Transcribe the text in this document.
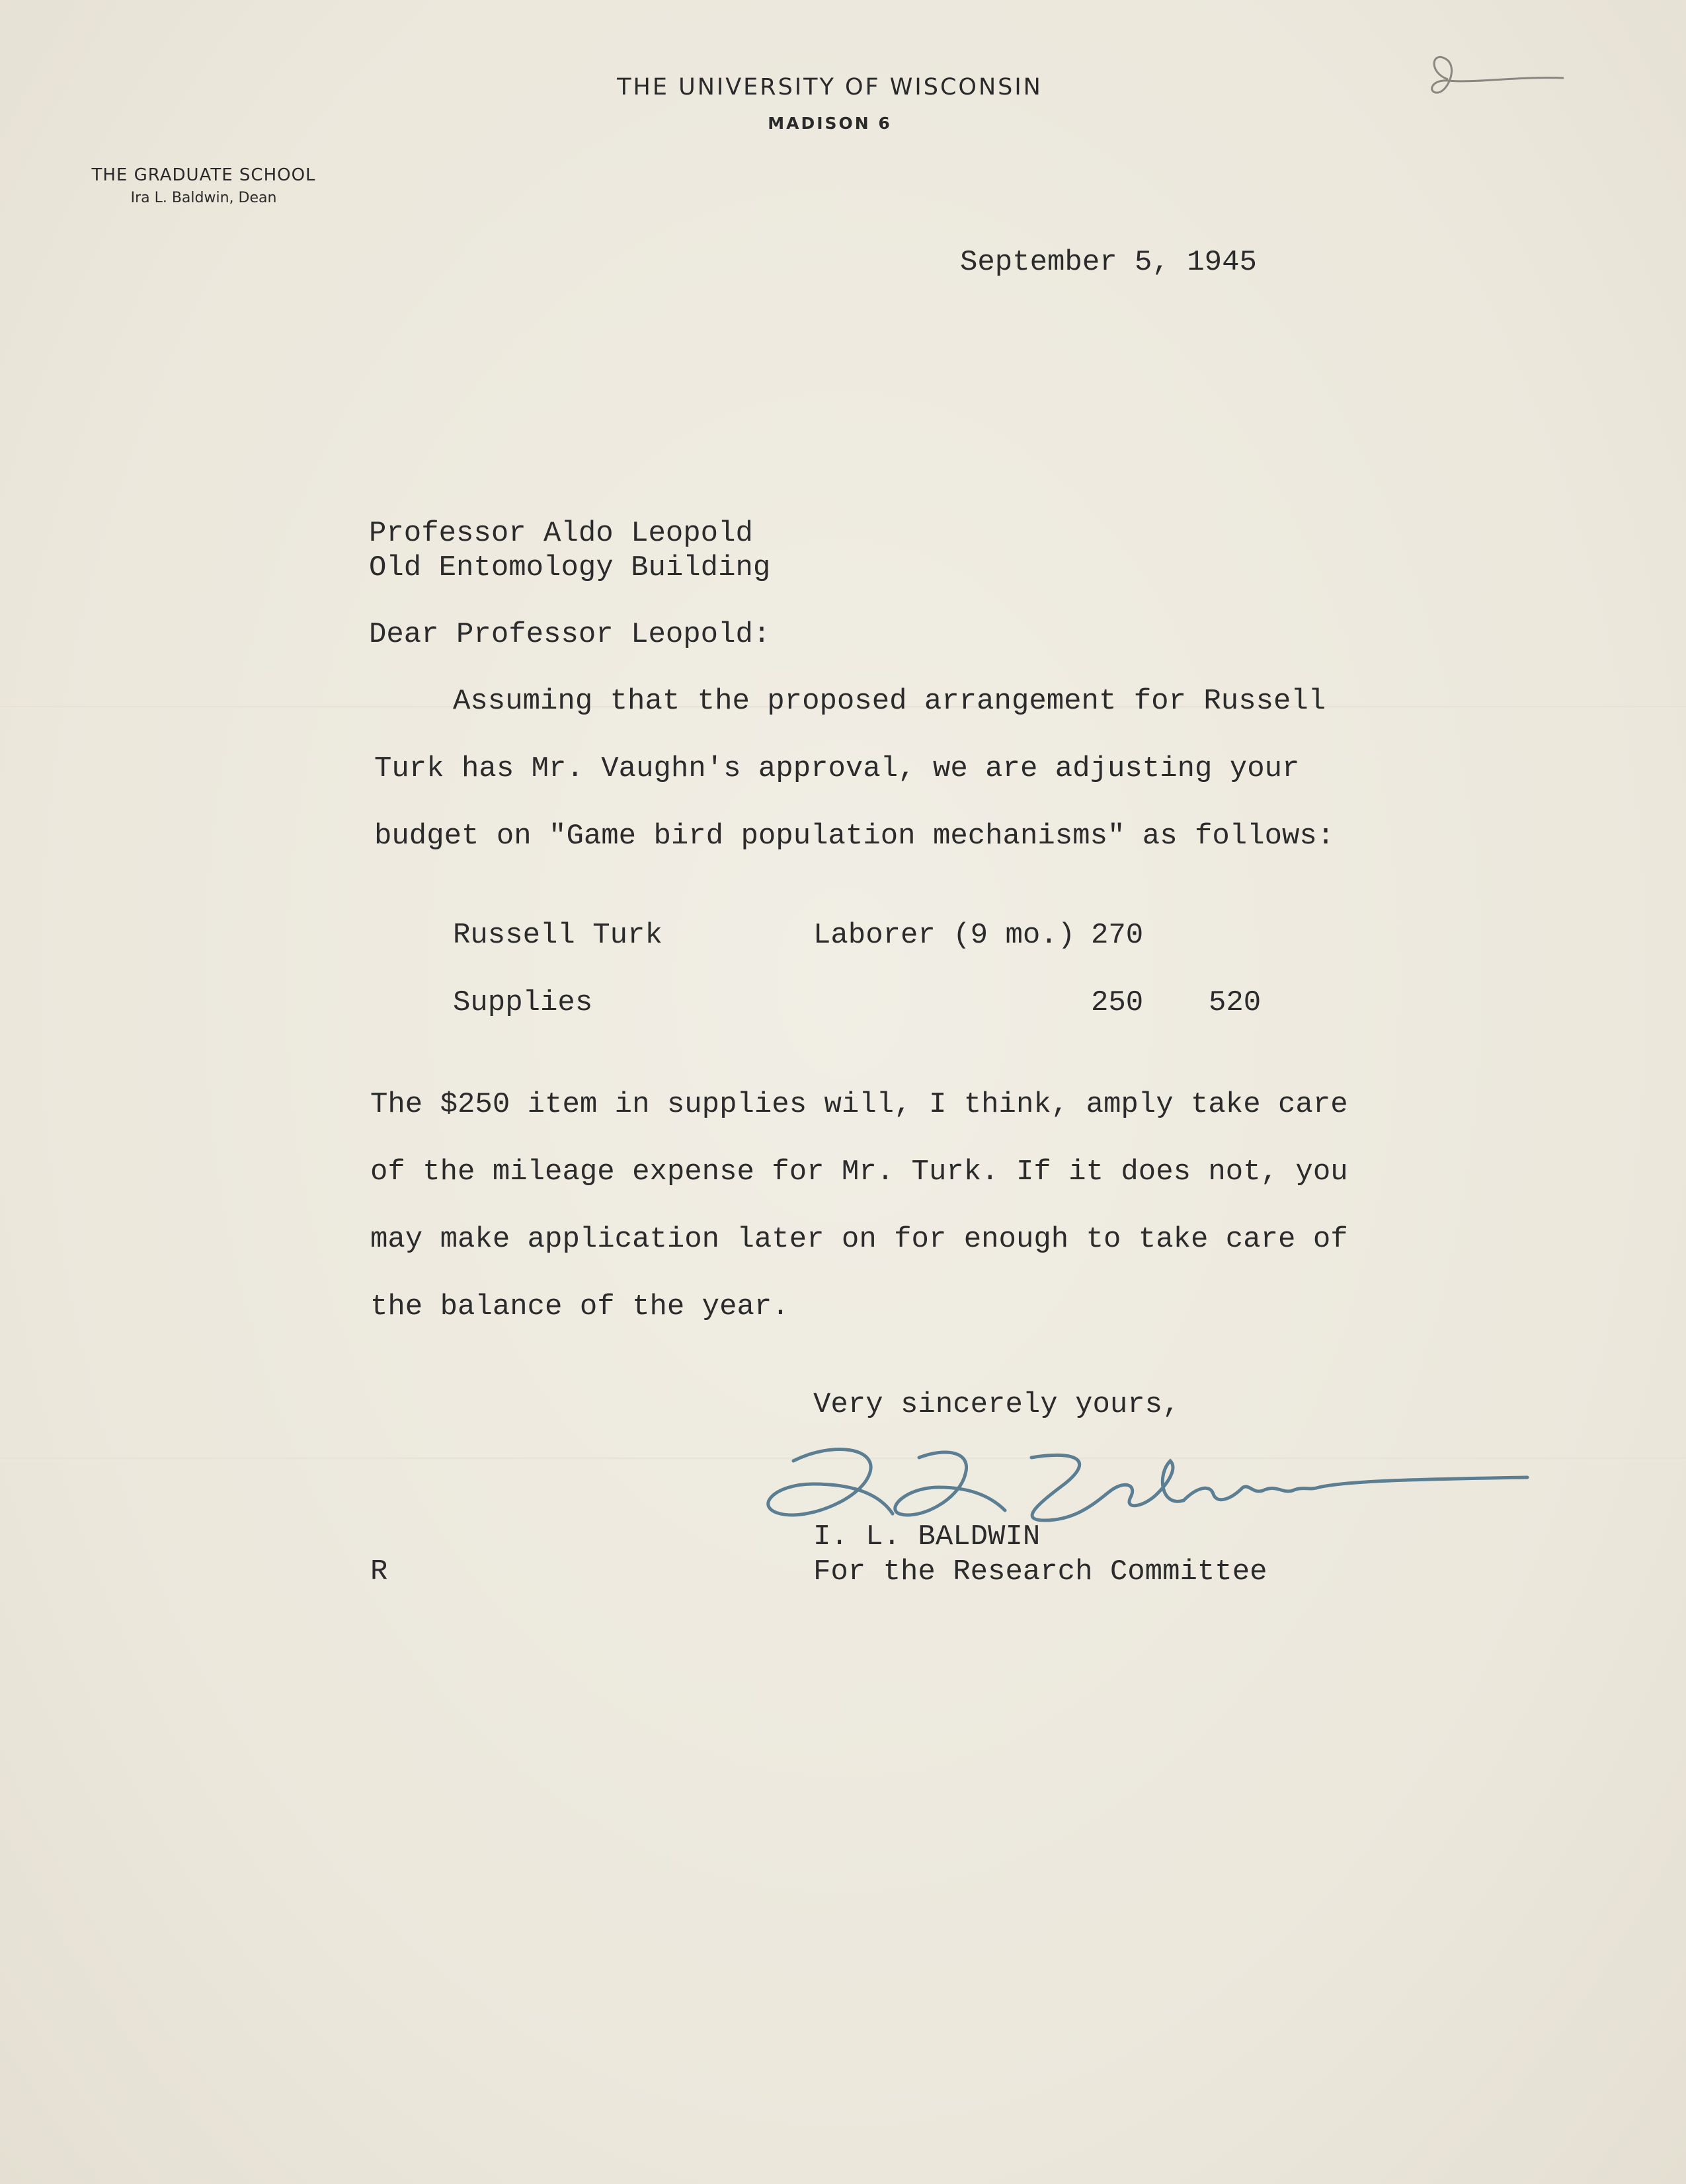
THE UNIVERSITY OF WISCONSIN
MADISON 6
THE GRADUATE SCHOOL
Ira L. Baldwin, Dean
September 5, 1945
Professor Aldo Leopold
Old Entomology Building
Dear Professor Leopold:
Assuming that the proposed arrangement for Russell
Turk has Mr. Vaughn's approval, we are adjusting your
budget on "Game bird population mechanisms" as follows:
Russell Turk	Laborer (9 mo.) 270
Supplies	250 520
The $250 item in supplies will, I think, amply take care
of the mileage expense for Mr. Turk. If it does not, you
may make application later on for enough to take care of
the balance of the year.
Very sincerely yours,
I. L. BALDWIN
For the Research Committee
R
